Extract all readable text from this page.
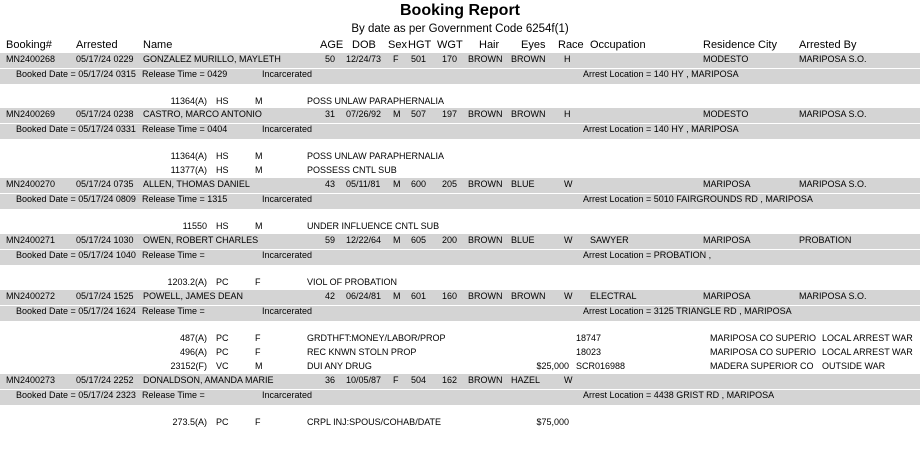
Booking Report
By date as per Government Code 6254f(1)
Booking# Arrested Name	AGE DOB Sex HGT WGT Hair Eyes Race Occupation	Residence City Arrested By
MN2400268 05/17/24 0229 GONZALEZ MURILLO, MAYLETH	50 12/24/73 F 501 170 BROWN BROWN H	MODESTO	MARIPOSA S.O.
Booked Date = 05/17/24 0315 Release Time = 0429	Incarcerated	Arrest Location = 140 HY , MARIPOSA
11364(A) HS	M	POSS UNLAW PARAPHERNALIA
MN2400269 05/17/24 0238 CASTRO, MARCO ANTONIO	31 07/26/92 M 507 197 BROWN BROWN H	MODESTO	MARIPOSA S.O.
Booked Date = 05/17/24 0331 Release Time = 0404	Incarcerated	Arrest Location = 140 HY , MARIPOSA
11364(A) HS	M	POSS UNLAW PARAPHERNALIA
11377(A) HS	M	POSSESS CNTL SUB
MN2400270 05/17/24 0735 ALLEN, THOMAS DANIEL	43 05/11/81 M 600 205 BROWN BLUE	W	MARIPOSA	MARIPOSA S.O.
Booked Date = 05/17/24 0809 Release Time = 1315	Incarcerated	Arrest Location = 5010 FAIRGROUNDS RD , MARIPOSA
11550 HS	M	UNDER INFLUENCE CNTL SUB
MN2400271 05/17/24 1030 OWEN, ROBERT CHARLES	59 12/22/64 M 605 200 BROWN BLUE	W SAWYER	MARIPOSA	PROBATION
Booked Date = 05/17/24 1040 Release Time =	Incarcerated	Arrest Location = PROBATION ,
1203.2(A) PC	F	VIOL OF PROBATION
MN2400272 05/17/24 1525 POWELL, JAMES DEAN	42 06/24/81 M 601 160 BROWN BROWN W ELECTRAL	MARIPOSA	MARIPOSA S.O.
Booked Date = 05/17/24 1624 Release Time =	Incarcerated	Arrest Location = 3125 TRIANGLE RD , MARIPOSA
487(A) PC	F	GRDTHFT:MONEY/LABOR/PROP	18747	MARIPOSA CO SUPERIO LOCAL ARREST WAR
496(A) PC	F	REC KNWN STOLN PROP	18023	MARIPOSA CO SUPERIO LOCAL ARREST WAR
23152(F) VC	M	DUI ANY DRUG	$25,000 SCR016988	MADERA SUPERIOR CO OUTSIDE WAR
MN2400273 05/17/24 2252 DONALDSON, AMANDA MARIE	36 10/05/87 F 504 162 BROWN HAZEL	W
Booked Date = 05/17/24 2323 Release Time =	Incarcerated	Arrest Location = 4438 GRIST RD , MARIPOSA
273.5(A) PC	F	CRPL INJ:SPOUS/COHAB/DATE	$75,000
